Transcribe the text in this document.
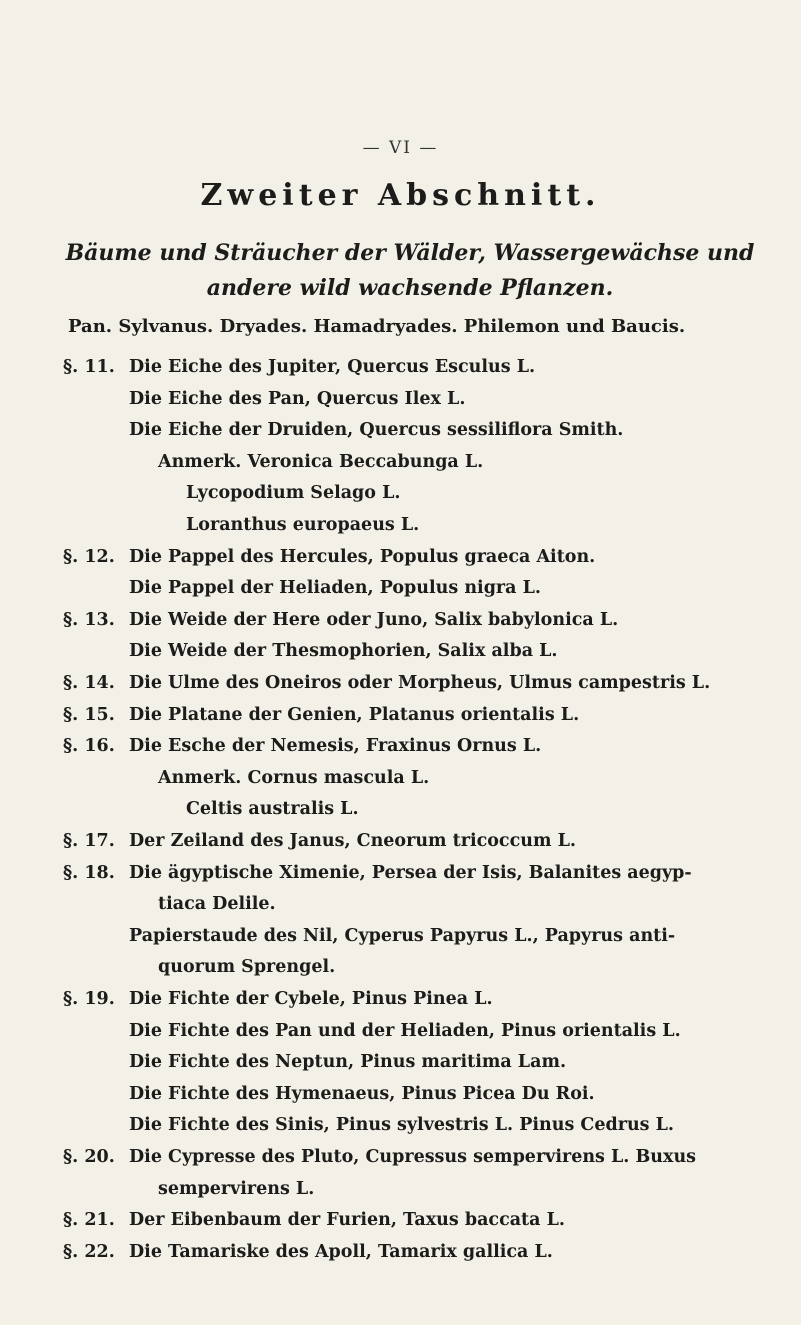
— VI —
Zweiter Abschnitt.
Bäume und Sträucher der Wälder, Wassergewächse und
andere wild wachsende Pflanzen.
Pan. Sylvanus. Dryades. Hamadryades. Philemon und Baucis.
§. 11. Die Eiche des Jupiter, Quercus Esculus L.
Die Eiche des Pan, Quercus Ilex L.
Die Eiche der Druiden, Quercus sessiliflora Smith.
Anmerk. Veronica Beccabunga L.
Lycopodium Selago L.
Loranthus europaeus L.
§. 12. Die Pappel des Hercules, Populus graeca Aiton.
Die Pappel der Heliaden, Populus nigra L.
§. 13. Die Weide der Here oder Juno, Salix babylonica L.
Die Weide der Thesmophorien, Salix alba L.
§. 14. Die Ulme des Oneiros oder Morpheus, Ulmus campestris L.
§. 15. Die Platane der Genien, Platanus orientalis L.
§. 16. Die Esche der Nemesis, Fraxinus Ornus L.
Anmerk. Cornus mascula L.
Celtis australis L.
§. 17. Der Zeiland des Janus, Cneorum tricoccum L.
§. 18. Die ägyptische Ximenie, Persea der Isis, Balanites aegyp-
tiaca Delile.
Papierstaude des Nil, Cyperus Papyrus L., Papyrus anti-
quorum Sprengel.
§. 19. Die Fichte der Cybele, Pinus Pinea L.
Die Fichte des Pan und der Heliaden, Pinus orientalis L.
Die Fichte des Neptun, Pinus maritima Lam.
Die Fichte des Hymenaeus, Pinus Picea Du Roi.
Die Fichte des Sinis, Pinus sylvestris L. Pinus Cedrus L.
§. 20. Die Cypresse des Pluto, Cupressus sempervirens L. Buxus
sempervirens L.
§. 21. Der Eibenbaum der Furien, Taxus baccata L.
§. 22. Die Tamariske des Apoll, Tamarix gallica L.
